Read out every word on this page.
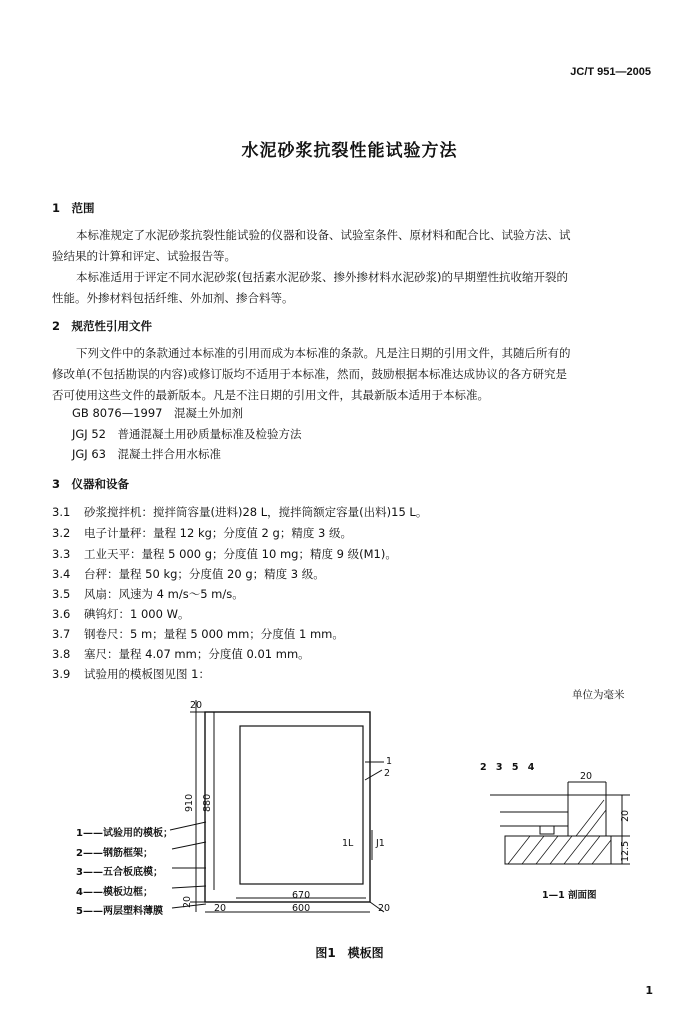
JC/T 951—2005
水泥砂浆抗裂性能试验方法
1　范围
本标准规定了水泥砂浆抗裂性能试验的仪器和设备、试验室条件、原材料和配合比、试验方法、试
验结果的计算和评定、试验报告等。
本标准适用于评定不同水泥砂浆(包括素水泥砂浆、掺外掺材料水泥砂浆)的早期塑性抗收缩开裂的
性能。外掺材料包括纤维、外加剂、掺合料等。
2　规范性引用文件
下列文件中的条款通过本标准的引用而成为本标准的条款。凡是注日期的引用文件，其随后所有的
修改单(不包括勘误的内容)或修订版均不适用于本标准，然而，鼓励根据本标准达成协议的各方研究是
否可使用这些文件的最新版本。凡是不注日期的引用文件，其最新版本适用于本标准。
GB 8076—1997　混凝土外加剂
JGJ 52　普通混凝土用砂质量标准及检验方法
JGJ 63　混凝土拌合用水标准
3　仪器和设备
3.1 砂浆搅拌机：搅拌筒容量(进料)28 L，搅拌筒额定容量(出料)15 L。
3.2 电子计量秤：量程 12 kg；分度值 2 g；精度 3 级。
3.3 工业天平：量程 5 000 g；分度值 10 mg；精度 9 级(M1)。
3.4 台秤：量程 50 kg；分度值 20 g；精度 3 级。
3.5 风扇：风速为 4 m/s～5 m/s。
3.6 碘钨灯：1 000 W。
3.7 钢卷尺：5 m；量程 5 000 mm；分度值 1 mm。
3.8 塞尺：量程 4.07 mm；分度值 0.01 mm。
3.9 试验用的模板图见图 1：
单位为毫米
20
910 880
670
600
20	20
20
1
2
1L J1
2 3 5 4
20
20
12.5
1—1 剖面图
1——试验用的模板；
2——钢筋框架；
3——五合板底模；
4——模板边框；
5——两层塑料薄膜
图1　模板图
1
